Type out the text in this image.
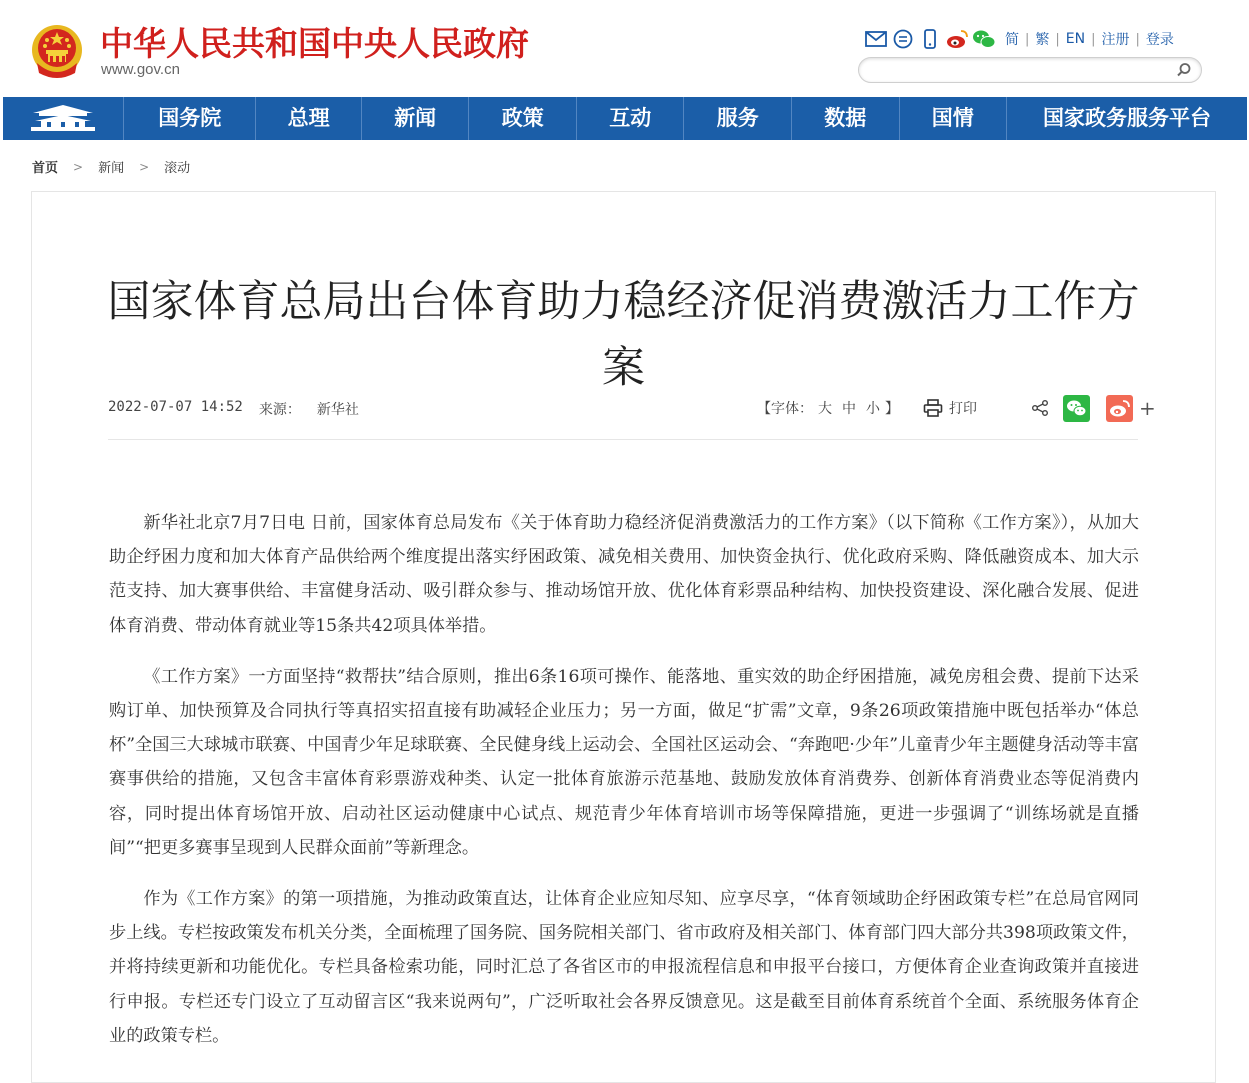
中华人民共和国中央人民政府
www.gov.cn
简 | 繁 | EN | 注册 | 登录
国务院	总理	新闻	政策	互动	服务	数据	国情	国家政务服务平台
首页 > 新闻 > 滚动
国家体育总局出台体育助力稳经济促消费激活力工作方案
2022-07-07 14:52 来源： 新华社	【字体： 大 中 小 】	打印	+

新华社北京7月7日电 日前，国家体育总局发布《关于体育助力稳经济促消费激活力的工作方案》（以下简称《工作方案》），从加大助企纾困力度和加大体育产品供给两个维度提出落实纾困政策、减免相关费用、加快资金执行、优化政府采购、降低融资成本、加大示范支持、加大赛事供给、丰富健身活动、吸引群众参与、推动场馆开放、优化体育彩票品种结构、加快投资建设、深化融合发展、促进体育消费、带动体育就业等15条共42项具体举措。

《工作方案》一方面坚持“救帮扶”结合原则，推出6条16项可操作、能落地、重实效的助企纾困措施，减免房租会费、提前下达采购订单、加快预算及合同执行等真招实招直接有助减轻企业压力；另一方面，做足“扩需”文章，9条26项政策措施中既包括举办“体总杯”全国三大球城市联赛、中国青少年足球联赛、全民健身线上运动会、全国社区运动会、“奔跑吧·少年”儿童青少年主题健身活动等丰富赛事供给的措施，又包含丰富体育彩票游戏种类、认定一批体育旅游示范基地、鼓励发放体育消费券、创新体育消费业态等促消费内容，同时提出体育场馆开放、启动社区运动健康中心试点、规范青少年体育培训市场等保障措施，更进一步强调了“训练场就是直播间”“把更多赛事呈现到人民群众面前”等新理念。

作为《工作方案》的第一项措施，为推动政策直达，让体育企业应知尽知、应享尽享，“体育领域助企纾困政策专栏”在总局官网同步上线。专栏按政策发布机关分类，全面梳理了国务院、国务院相关部门、省市政府及相关部门、体育部门四大部分共398项政策文件，并将持续更新和功能优化。专栏具备检索功能，同时汇总了各省区市的申报流程信息和申报平台接口，方便体育企业查询政策并直接进行申报。专栏还专门设立了互动留言区“我来说两句”，广泛听取社会各界反馈意见。这是截至目前体育系统首个全面、系统服务体育企业的政策专栏。
